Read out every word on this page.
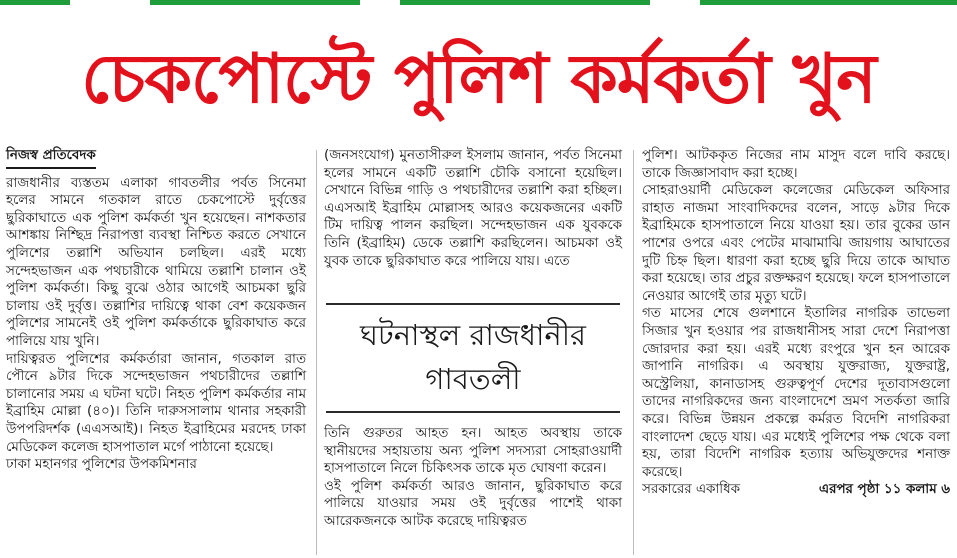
চেকপোস্টে পুলিশ কর্মকর্তা খুন
নিজস্ব প্রতিবেদক

রাজধানীর ব্যস্ততম এলাকা গাবতলীর পর্বত সিনেমা হলের সামনে গতকাল রাতে চেকপোস্টে দুর্বৃত্তের ছুরিকাঘাতে এক পুলিশ কর্মকর্তা খুন হয়েছেন। নাশকতার আশঙ্কায় নিশ্ছিদ্র নিরাপত্তা ব্যবস্থা নিশ্চিত করতে সেখানে পুলিশের তল্লাশি অভিযান চলছিল। এরই মধ্যে সন্দেহভাজন এক পথচারীকে থামিয়ে তল্লাশি চালান ওই পুলিশ কর্মকর্তা। কিছু বুঝে ওঠার আগেই আচমকা ছুরি চালায় ওই দুর্বৃত্ত। তল্লাশির দায়িত্বে থাকা বেশ কয়েকজন পুলিশের সামনেই ওই পুলিশ কর্মকর্তাকে ছুরিকাঘাত করে পালিয়ে যায় খুনি।

দায়িত্বরত পুলিশের কর্মকর্তারা জানান, গতকাল রাত পৌনে ৯টার দিকে সন্দেহভাজন পথচারীদের তল্লাশি চালানোর সময় এ ঘটনা ঘটে। নিহত পুলিশ কর্মকর্তার নাম ইব্রাহিম মোল্লা (৪০)। তিনি দারুসসালাম থানার সহকারী উপপরিদর্শক (এএসআই)। নিহত ইব্রাহিমের মরদেহ ঢাকা মেডিকেল কলেজ হাসপাতাল মর্গে পাঠানো হয়েছে।

ঢাকা মহানগর পুলিশের উপকমিশনার

(জনসংযোগ) মুনতাসীরুল ইসলাম জানান, পর্বত সিনেমা হলের সামনে একটি তল্লাশি চৌকি বসানো হয়েছিল। সেখানে বিভিন্ন গাড়ি ও পথচারীদের তল্লাশি করা হচ্ছিল। এএসআই ইব্রাহিম মোল্লাসহ আরও কয়েকজনের একটি টিম দায়িত্ব পালন করছিল। সন্দেহভাজন এক যুবককে তিনি (ইব্রাহিম) ডেকে তল্লাশি করছিলেন। আচমকা ওই যুবক তাকে ছুরিকাঘাত করে পালিয়ে যায়। এতে

ঘটনাস্থল রাজধানীর
গাবতলী

তিনি গুরুতর আহত হন। আহত অবস্থায় তাকে স্থানীয়দের সহায়তায় অন্য পুলিশ সদস্যরা সোহরাওয়ার্দী হাসপাতালে নিলে চিকিৎসক তাকে মৃত ঘোষণা করেন।

ওই পুলিশ কর্মকর্তা আরও জানান, ছুরিকাঘাত করে পালিয়ে যাওয়ার সময় ওই দুর্বৃত্তের পাশেই থাকা আরেকজনকে আটক করেছে দায়িত্বরত

পুলিশ। আটককৃত নিজের নাম মাসুদ বলে দাবি করছে। তাকে জিজ্ঞাসাবাদ করা হচ্ছে।

সোহরাওয়ার্দী মেডিকেল কলেজের মেডিকেল অফিসার রাহাত নাজমা সাংবাদিকদের বলেন, সাড়ে ৯টার দিকে ইব্রাহিমকে হাসপাতালে নিয়ে যাওয়া হয়। তার বুকের ডান পাশের ওপরে এবং পেটের মাঝামাঝি জায়গায় আঘাতের দুটি চিহ্ন ছিল। ধারণা করা হচ্ছে ছুরি দিয়ে তাকে আঘাত করা হয়েছে। তার প্রচুর রক্তক্ষরণ হয়েছে। ফলে হাসপাতালে নেওয়ার আগেই তার মৃত্যু ঘটে।

গত মাসের শেষে গুলশানে ইতালির নাগরিক তাভেলা সিজার খুন হওয়ার পর রাজধানীসহ সারা দেশে নিরাপত্তা জোরদার করা হয়। এরই মধ্যে রংপুরে খুন হন আরেক জাপানি নাগরিক। এ অবস্থায় যুক্তরাজ্য, যুক্তরাষ্ট্র, অস্ট্রেলিয়া, কানাডাসহ গুরুত্বপূর্ণ দেশের দূতাবাসগুলো তাদের নাগরিকদের জন্য বাংলাদেশে ভ্রমণ সতর্কতা জারি করে। বিভিন্ন উন্নয়ন প্রকল্পে কর্মরত বিদেশি নাগরিকরা বাংলাদেশ ছেড়ে যায়। এর মধ্যেই পুলিশের পক্ষ থেকে বলা হয়, তারা বিদেশি নাগরিক হত্যায় অভিযুক্তদের শনাক্ত করেছে।

সরকারের একাধিক	এরপর পৃষ্ঠা ১১ কলাম ৬
